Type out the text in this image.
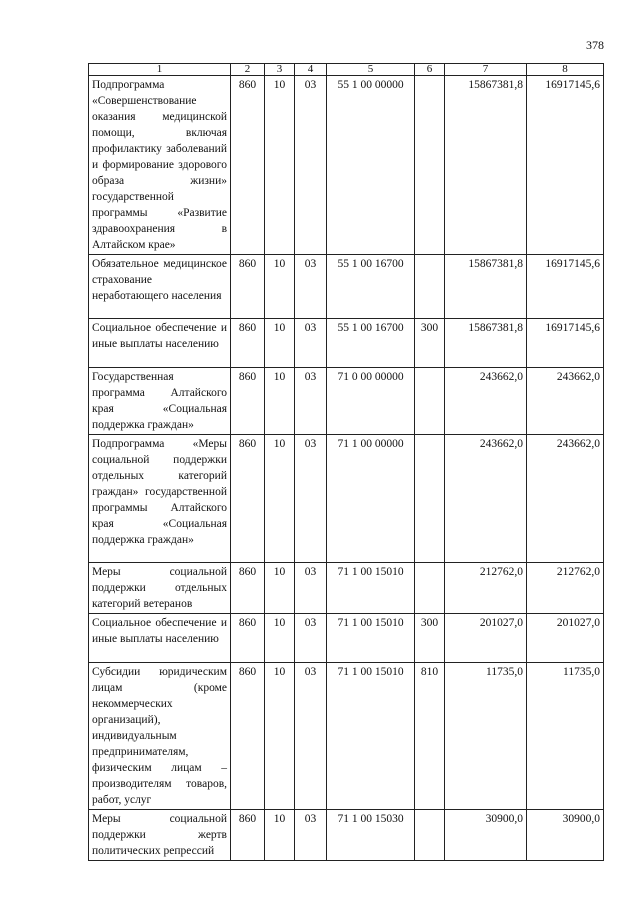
378
1	2	3	4	5	6	7	8
Подпрограмма «Совершенствование оказания медицинской помощи, включая профилактику заболеваний и формирование здорового образа жизни» государственной программы «Развитие здравоохранения в Алтайском крае»	860	10	03	55 1 00 00000		15867381,8	16917145,6
Обязательное медицинское страхование неработающего населения	860	10	03	55 1 00 16700		15867381,8	16917145,6
Социальное обеспечение и иные выплаты населению	860	10	03	55 1 00 16700	300	15867381,8	16917145,6
Государственная программа Алтайского края «Социальная поддержка граждан»	860	10	03	71 0 00 00000		243662,0	243662,0
Подпрограмма «Меры социальной поддержки отдельных категорий граждан» государственной программы Алтайского края «Социальная поддержка граждан»	860	10	03	71 1 00 00000		243662,0	243662,0
Меры социальной поддержки отдельных категорий ветеранов	860	10	03	71 1 00 15010		212762,0	212762,0
Социальное обеспечение и иные выплаты населению	860	10	03	71 1 00 15010	300	201027,0	201027,0
Субсидии юридическим лицам (кроме некоммерческих организаций), индивидуальным предпринимателям, физическим лицам – производителям товаров, работ, услуг	860	10	03	71 1 00 15010	810	11735,0	11735,0
Меры социальной поддержки жертв политических репрессий	860	10	03	71 1 00 15030		30900,0	30900,0
